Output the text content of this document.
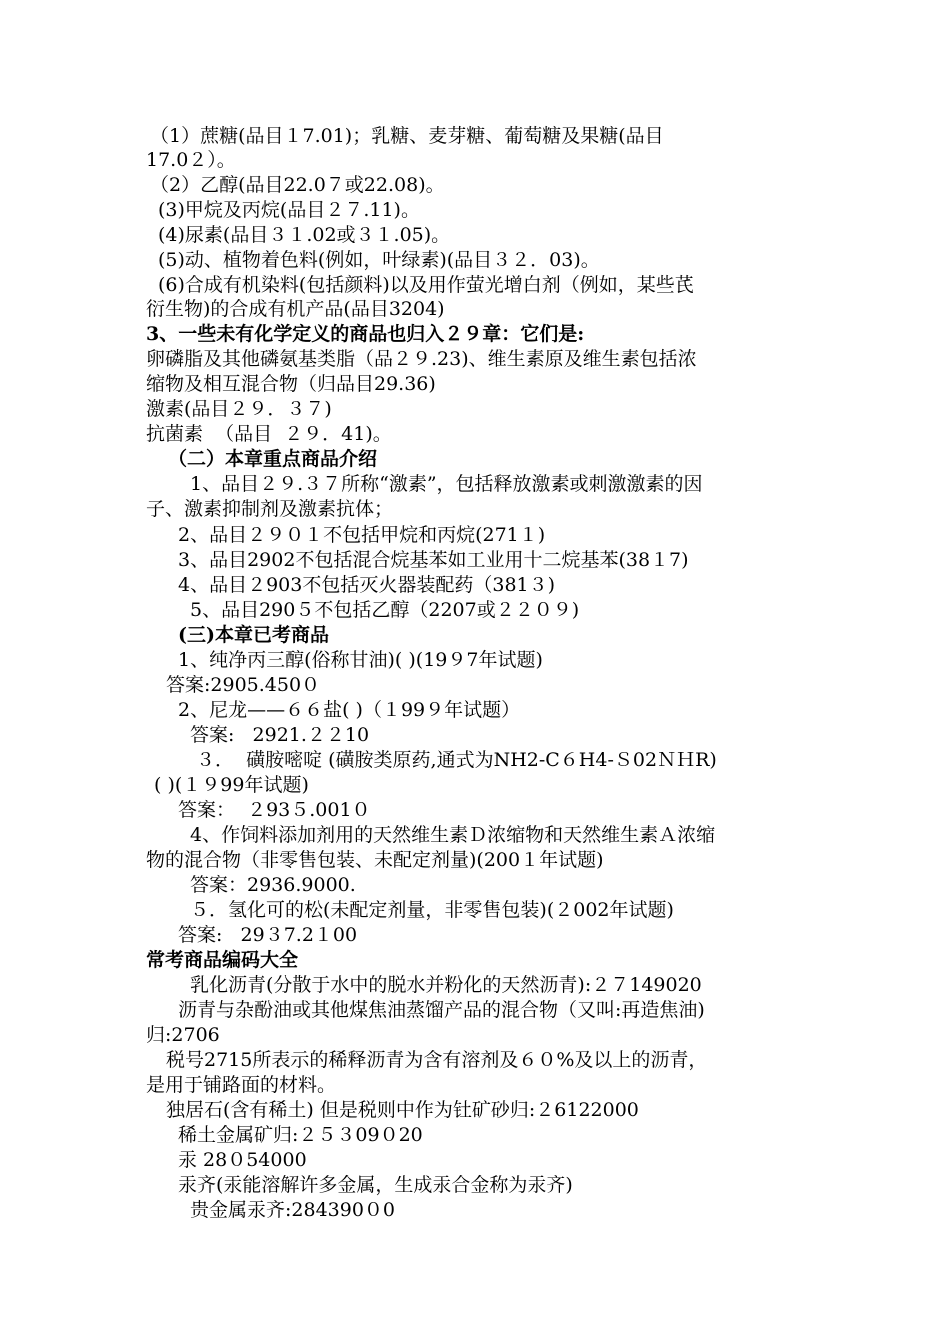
（1）蔗糖(品目１7.01)；乳糖、麦芽糖、葡萄糖及果糖(品目
17.0２）。
（2）乙醇(品目22.0７或22.08)。
(3)甲烷及丙烷(品目２７.11)。
(4)尿素(品目３１.02或３１.05)。
(5)动、植物着色料(例如，叶绿素)(品目３２．03)。
(6)合成有机染料(包括颜料)以及用作萤光增白剂（例如，某些芪
衍生物)的合成有机产品(品目3204)
3、一些未有化学定义的商品也归入２９章：它们是:
卵磷脂及其他磷氨基类脂（品２９.23)、维生素原及维生素包括浓
缩物及相互混合物（归品目29.36)
激素(品目２９．３７)
抗菌素  （品目  ２９．41)。
（二）本章重点商品介绍
1、品目２９.３７所称“激素”，包括释放激素或刺激激素的因
子、激素抑制剂及激素抗体；
2、品目２９０１不包括甲烷和丙烷(271１)
3、品目2902不包括混合烷基苯如工业用十二烷基苯(38１7)
4、品目２903不包括灭火器装配药（381３)
5、品目290５不包括乙醇（2207或２２０９)
(三)本章已考商品
1、纯净丙三醇(俗称甘油)( )(19９7年试题)
答案:2905.450０
2、尼龙——６６盐( )（１99９年试题）
答案:   2921.２２10
３．  磺胺嘧啶 (磺胺类原药,通式为NH2-C６H4-Ｓ02ＮＨR)
( )(１９99年试题)
答案：  ２93５.001０
4、作饲料添加剂用的天然维生素Ｄ浓缩物和天然维生素Ａ浓缩
物的混合物（非零售包装、未配定剂量)(200１年试题)
答案：2936.9000.
５．氢化可的松(未配定剂量，非零售包装)(２002年试题)
答案:   29３7.2１00
常考商品编码大全
乳化沥青(分散于水中的脱水并粉化的天然沥青):２７149020
沥青与杂酚油或其他煤焦油蒸馏产品的混合物（又叫:再造焦油)
归:2706
税号2715所表示的稀释沥青为含有溶剂及６０%及以上的沥青，
是用于铺路面的材料。
独居石(含有稀土) 但是税则中作为钍矿砂归:２6122000
稀土金属矿归:２５３09０20
汞 28０54000
汞齐(汞能溶解许多金属，生成汞合金称为汞齐)
贵金属汞齐:284390０0
